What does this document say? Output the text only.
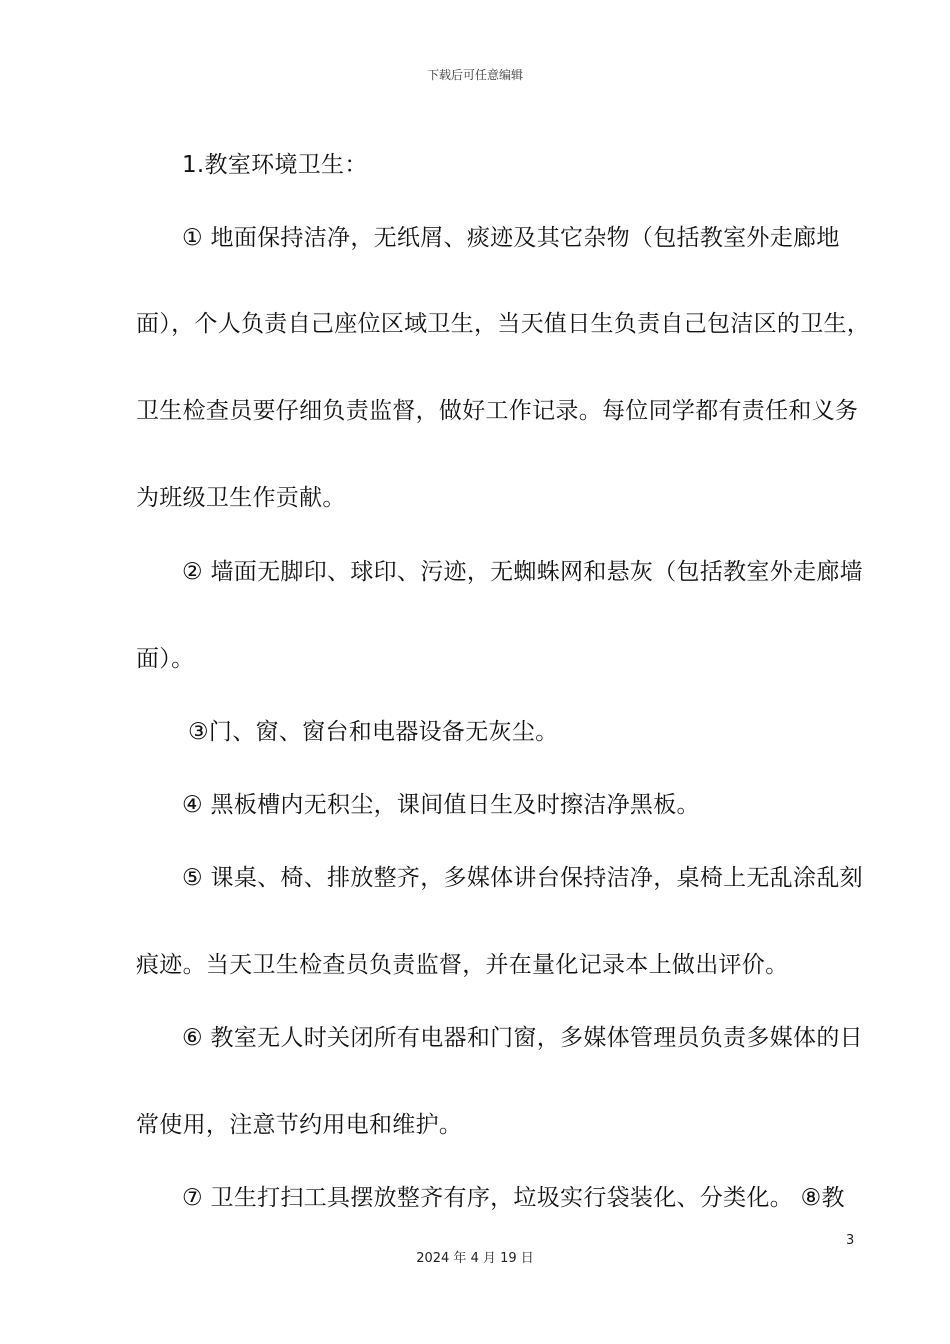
下载后可任意编辑
1.教室环境卫生：
① 地面保持洁净，无纸屑、痰迹及其它杂物（包括教室外走廊地
面），个人负责自己座位区域卫生，当天值日生负责自己包洁区的卫生，
卫生检查员要仔细负责监督，做好工作记录。每位同学都有责任和义务
为班级卫生作贡献。
② 墙面无脚印、球印、污迹，无蜘蛛网和悬灰（包括教室外走廊墙
面）。
③门、窗、窗台和电器设备无灰尘。
④ 黑板槽内无积尘，课间值日生及时擦洁净黑板。
⑤ 课桌、椅、排放整齐，多媒体讲台保持洁净，桌椅上无乱涂乱刻
痕迹。当天卫生检查员负责监督，并在量化记录本上做出评价。
⑥ 教室无人时关闭所有电器和门窗，多媒体管理员负责多媒体的日
常使用，注意节约用电和维护。
⑦ 卫生打扫工具摆放整齐有序，垃圾实行袋装化、分类化。 ⑧教
3
2024 年 4 月 19 日
